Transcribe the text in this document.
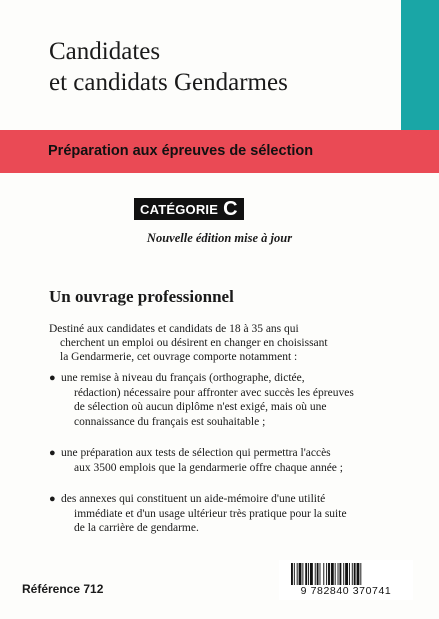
Candidates
et candidats Gendarmes
Préparation aux épreuves de sélection
CATÉGORIE C
Nouvelle édition mise à jour
Un ouvrage professionnel
Destiné aux candidates et candidats de 18 à 35 ans qui
cherchent un emploi ou désirent en changer en choisissant
la Gendarmerie, cet ouvrage comporte notamment :
● une remise à niveau du français (orthographe, dictée,
rédaction) nécessaire pour affronter avec succès les épreuves
de sélection où aucun diplôme n'est exigé, mais où une
connaissance du français est souhaitable ;
● une préparation aux tests de sélection qui permettra l'accès
aux 3500 emplois que la gendarmerie offre chaque année ;
● des annexes qui constituent un aide-mémoire d'une utilité
immédiate et d'un usage ultérieur très pratique pour la suite
de la carrière de gendarme.
Référence 712	9 782840 370741
